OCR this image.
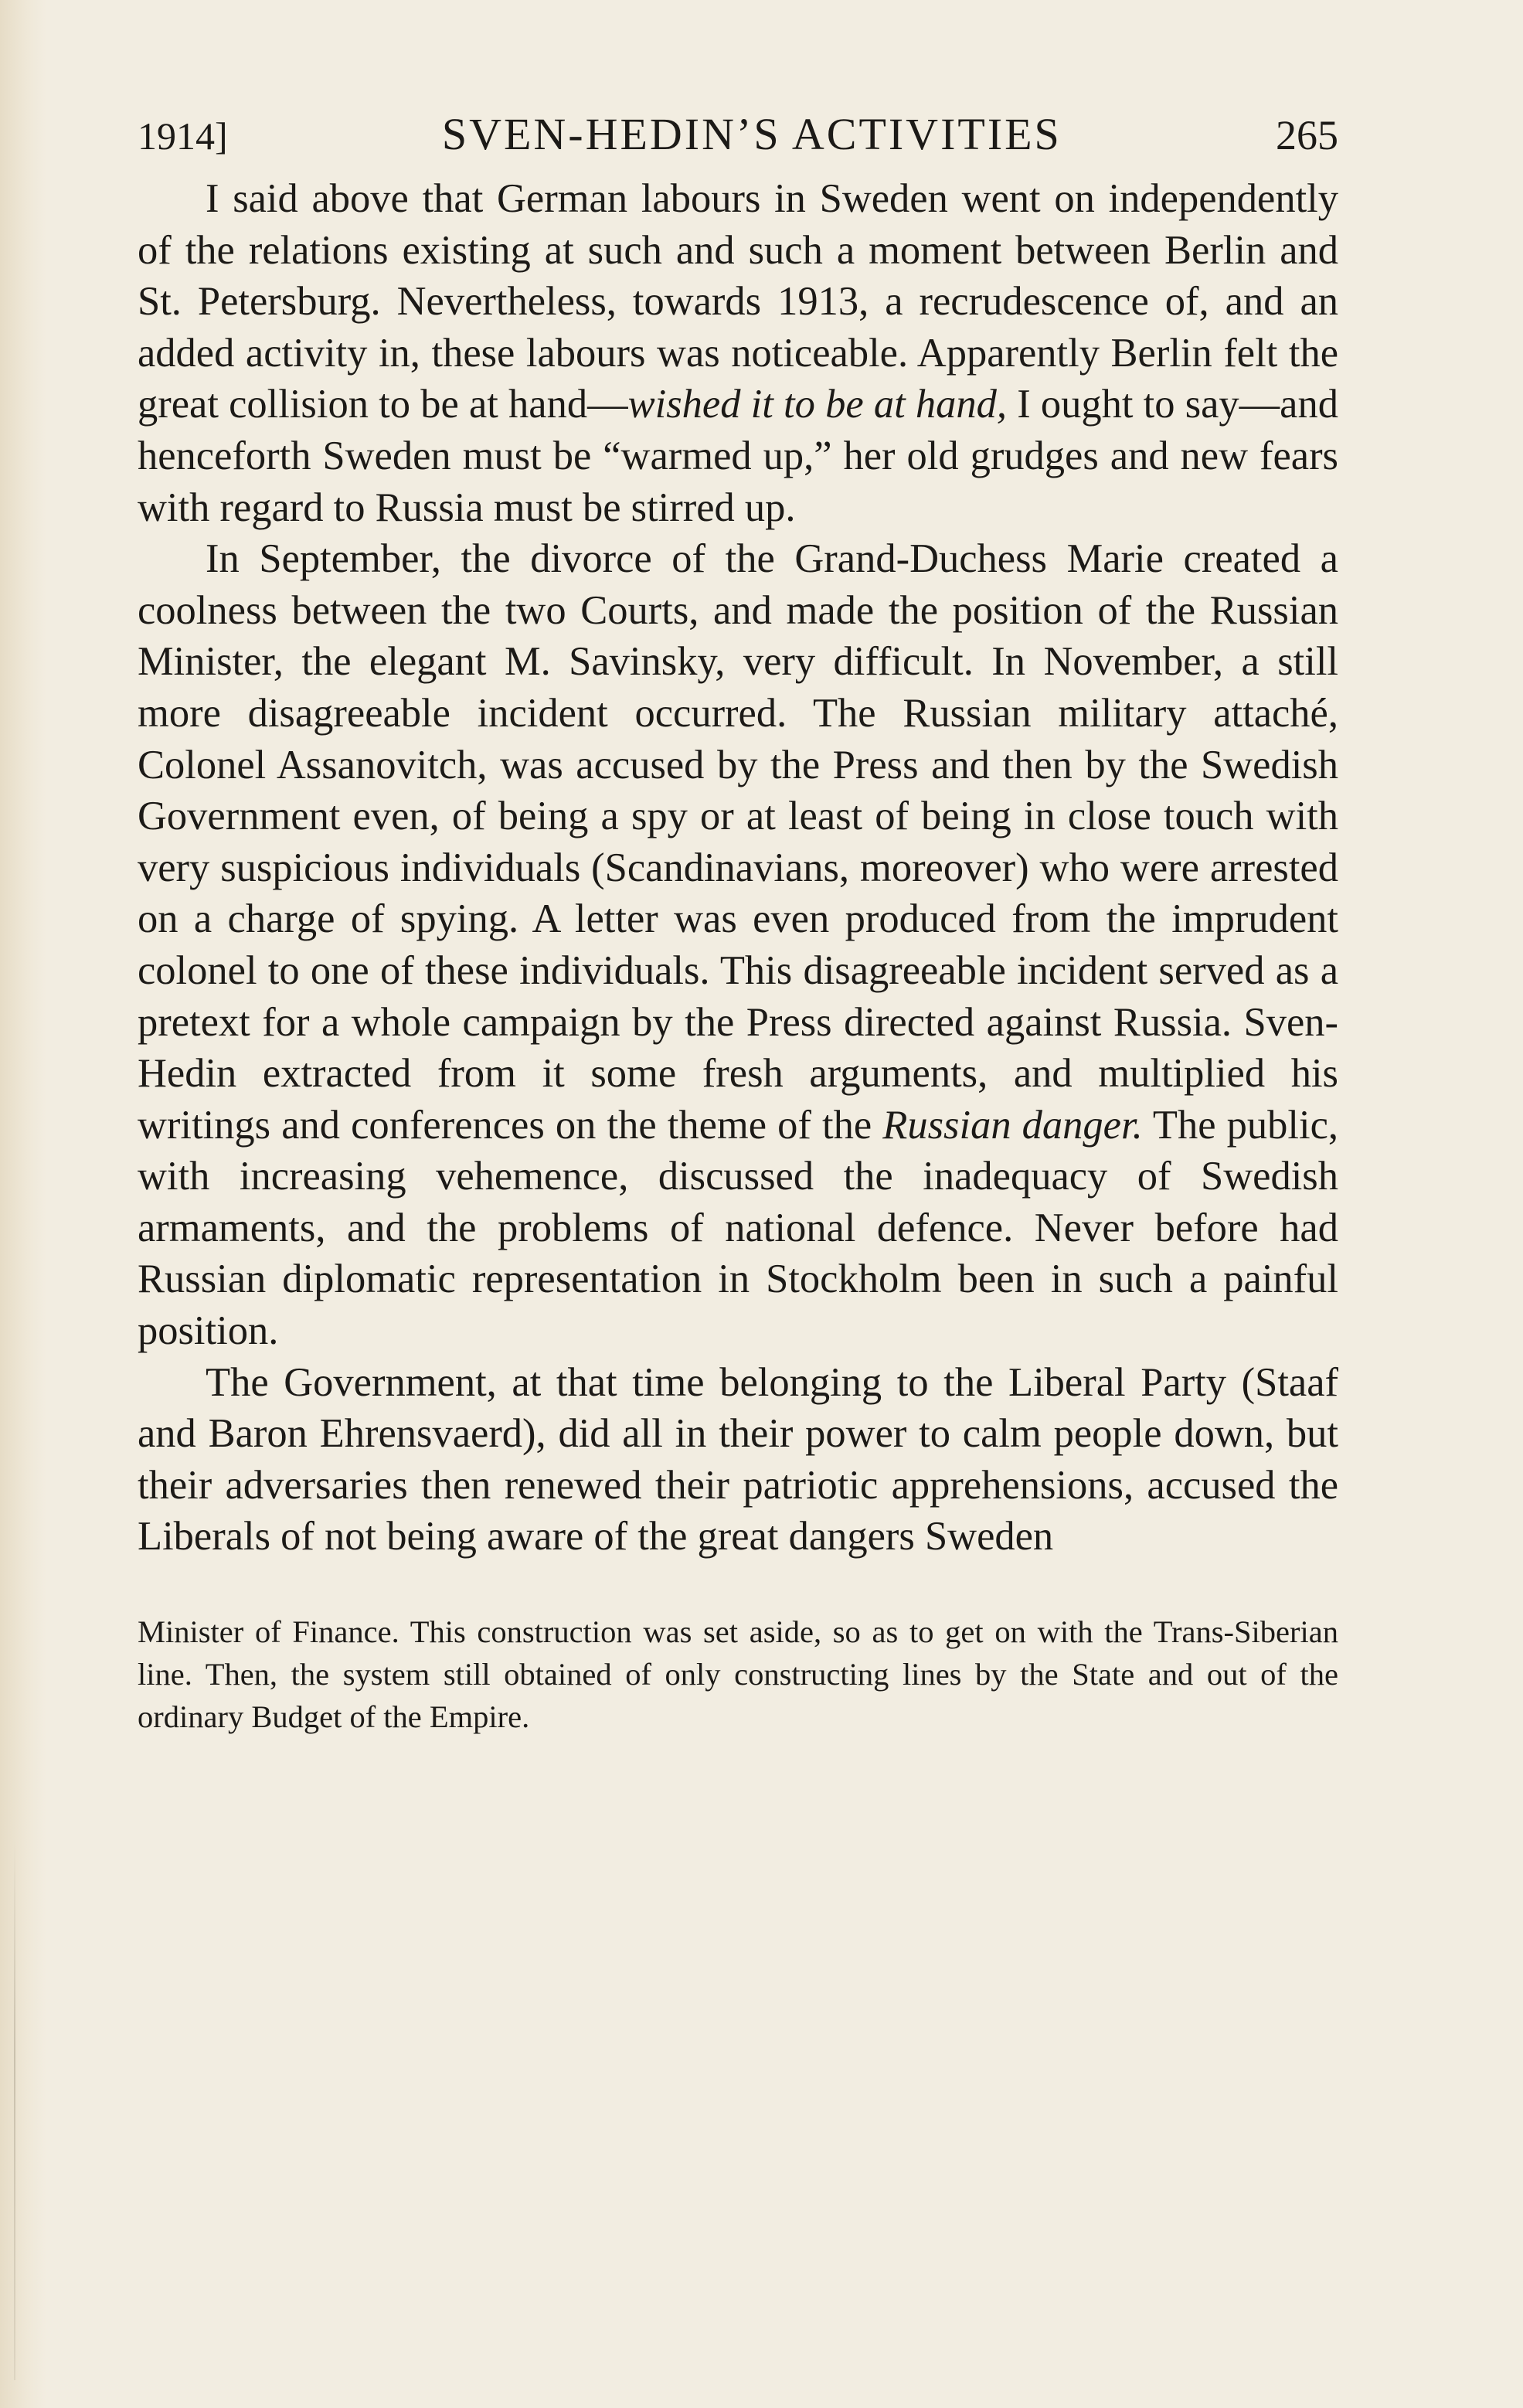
1914]	SVEN-HEDIN’S ACTIVITIES	265

I said above that German labours in Sweden went on independently of the relations existing at such and such a moment between Berlin and St. Petersburg. Nevertheless, towards 1913, a recrudescence of, and an added activity in, these labours was noticeable. Apparently Berlin felt the great collision to be at hand—wished it to be at hand, I ought to say—and henceforth Sweden must be “warmed up,” her old grudges and new fears with regard to Russia must be stirred up.

In September, the divorce of the Grand-Duchess Marie created a coolness between the two Courts, and made the position of the Russian Minister, the elegant M. Savinsky, very difficult. In November, a still more disagreeable incident occurred. The Russian military attaché, Colonel Assanovitch, was accused by the Press and then by the Swedish Government even, of being a spy or at least of being in close touch with very suspicious individuals (Scandinavians, moreover) who were arrested on a charge of spying. A letter was even produced from the imprudent colonel to one of these individuals. This disagreeable incident served as a pretext for a whole campaign by the Press directed against Russia. Sven-Hedin extracted from it some fresh arguments, and multiplied his writings and conferences on the theme of the Russian danger. The public, with increasing vehemence, discussed the inadequacy of Swedish armaments, and the problems of national defence. Never before had Russian diplomatic representation in Stockholm been in such a painful position.

The Government, at that time belonging to the Liberal Party (Staaf and Baron Ehrensvaerd), did all in their power to calm people down, but their adversaries then renewed their patriotic apprehensions, accused the Liberals of not being aware of the great dangers Sweden

Minister of Finance. This construction was set aside, so as to get on with the Trans-Siberian line. Then, the system still obtained of only constructing lines by the State and out of the ordinary Budget of the Empire.
